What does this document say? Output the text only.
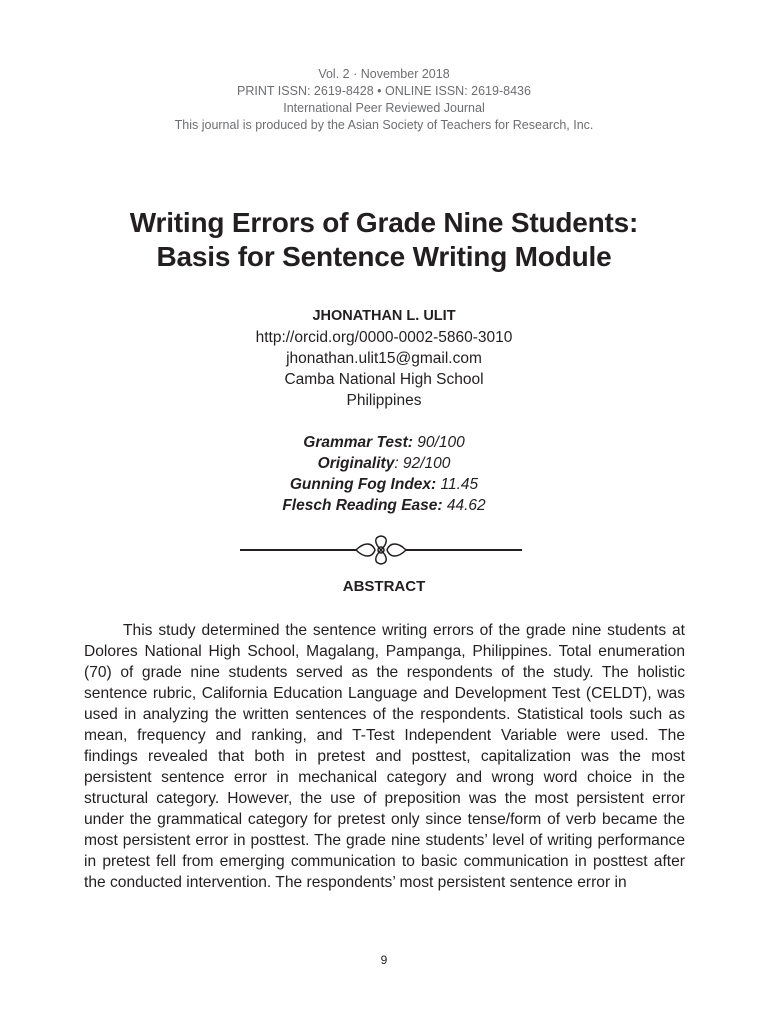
Vol. 2 · November 2018
PRINT ISSN: 2619-8428 • ONLINE ISSN: 2619-8436
International Peer Reviewed Journal
This journal is produced by the Asian Society of Teachers for Research, Inc.
Writing Errors of Grade Nine Students:
Basis for Sentence Writing Module
JHONATHAN L. ULIT
http://orcid.org/0000-0002-5860-3010
jhonathan.ulit15@gmail.com
Camba National High School
Philippines
Grammar Test: 90/100
Originality: 92/100
Gunning Fog Index: 11.45
Flesch Reading Ease: 44.62
ABSTRACT

This study determined the sentence writing errors of the grade nine students at Dolores National High School, Magalang, Pampanga, Philippines. Total enumeration (70) of grade nine students served as the respondents of the study. The holistic sentence rubric, California Education Language and Development Test (CELDT), was used in analyzing the written sentences of the respondents. Statistical tools such as mean, frequency and ranking, and T-Test Independent Variable were used. The findings revealed that both in pretest and posttest, capitalization was the most persistent sentence error in mechanical category and wrong word choice in the structural category. However, the use of preposition was the most persistent error under the grammatical category for pretest only since tense/form of verb became the most persistent error in posttest. The grade nine students’ level of writing performance in pretest fell from emerging communication to basic communication in posttest after the conducted intervention. The respondents’ most persistent sentence error in

9
